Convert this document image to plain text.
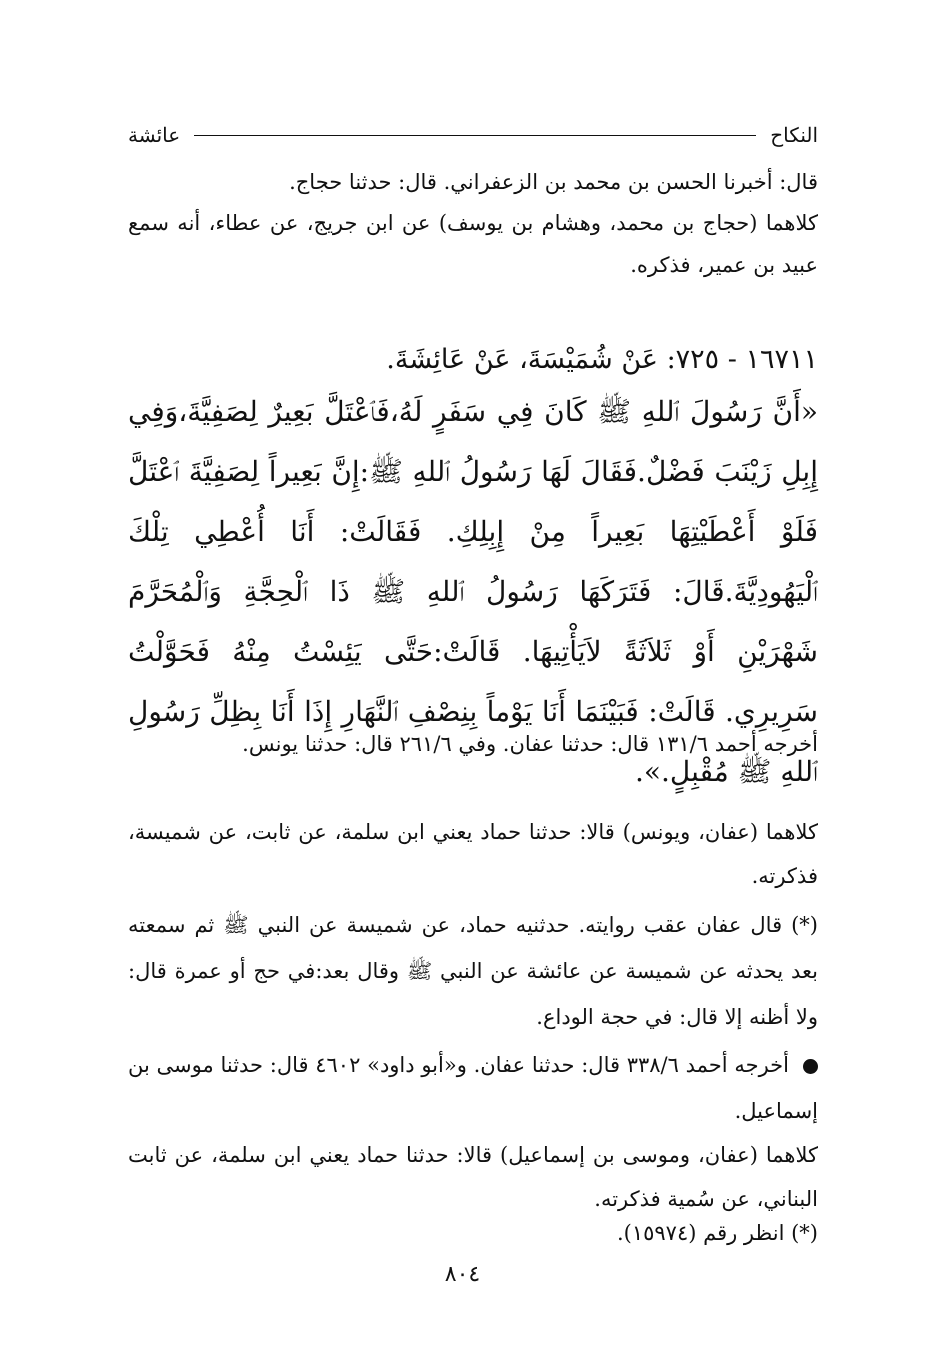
النكاح
عائشة
قال: أخبرنا الحسن بن محمد بن الزعفراني. قال: حدثنا حجاج.
كلاهما (حجاج بن محمد، وهشام بن يوسف) عن ابن جريج، عن عطاء، أنه سمع عبيد بن عمير، فذكره.
١٦٧١١ - ٧٢٥: عَنْ شُمَيْسَةَ، عَنْ عَائِشَةَ.
«أَنَّ رَسُولَ ٱللهِ ﷺ كَانَ فِي سَفَرٍ لَهُ،فَٱعْتَلَّ بَعِيرٌ لِصَفِيَّةَ،وَفِي إِبِلِ زَيْنَبَ فَضْلٌ.فَقَالَ لَهَا رَسُولُ ٱللهِ ﷺ:إِنَّ بَعِيراً لِصَفِيَّةَ ٱعْتَلَّ فَلَوْ أَعْطَيْتِهَا بَعِيراً مِنْ إِبِلِكِ. فَقَالَتْ: أَنَا أُعْطِي تِلْكَ ٱلْيَهُودِيَّةَ.قَالَ: فَتَرَكَهَا رَسُولُ ٱللهِ ﷺ ذَا ٱلْحِجَّةِ وَٱلْمُحَرَّمَ شَهْرَيْنِ أَوْ ثَلاَثَةً لاَيَأْتِيهَا. قَالَتْ:حَتَّى يَئِسْتُ مِنْهُ فَحَوَّلْتُ سَرِيرِي. قَالَتْ: فَبَيْنَمَا أَنَا يَوْماً بِنِصْفِ ٱلنَّهَارِ إِذَا أَنَا بِظِلِّ رَسُولِ ٱللهِ ﷺ مُقْبِلٍ.».
أخرجه أحمد ١٣١/٦ قال: حدثنا عفان. وفي ٢٦١/٦ قال: حدثنا يونس.
كلاهما (عفان، ويونس) قالا: حدثنا حماد يعني ابن سلمة، عن ثابت، عن شميسة، فذكرته.
(*) قال عفان عقب روايته. حدثنيه حماد، عن شميسة عن النبي ﷺ ثم سمعته بعد يحدثه عن شميسة عن عائشة عن النبي ﷺ وقال بعد:في حج أو عمرة قال: ولا أظنه إلا قال: في حجة الوداع.
أخرجه أحمد ٣٣٨/٦ قال: حدثنا عفان. و«أبو داود» ٤٦٠٢ قال: حدثنا موسى بن إسماعيل.
كلاهما (عفان، وموسى بن إسماعيل) قالا: حدثنا حماد يعني ابن سلمة، عن ثابت البناني، عن سُمية فذكرته.
(*) انظر رقم (١٥٩٧٤).
٨٠٤
